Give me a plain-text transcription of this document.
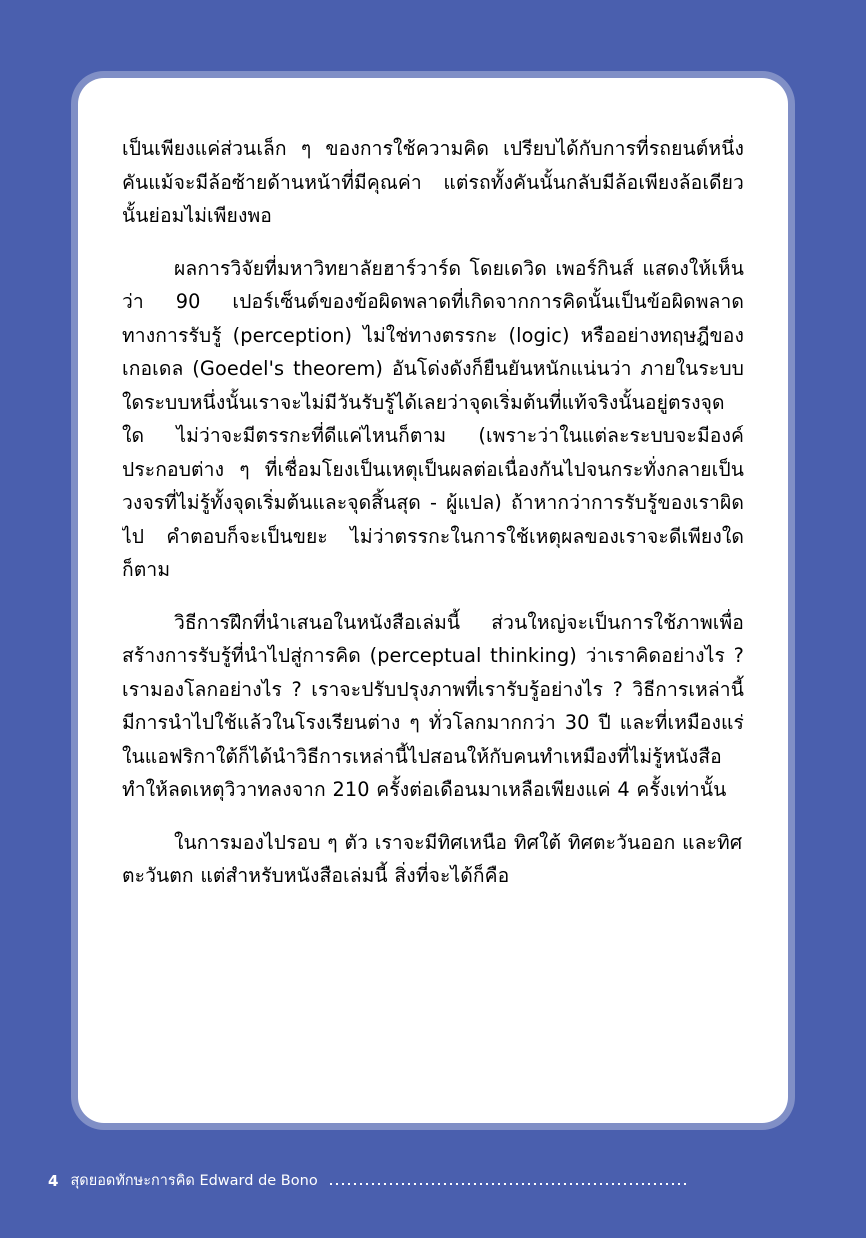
เป็นเพียงแค่ส่วนเล็ก ๆ ของการใช้ความคิด เปรียบได้กับการที่รถยนต์หนึ่งคันแม้จะมีล้อซ้ายด้านหน้าที่มีคุณค่า แต่รถทั้งคันนั้นกลับมีล้อเพียงล้อเดียวนั้นย่อมไม่เพียงพอ

ผลการวิจัยที่มหาวิทยาลัยฮาร์วาร์ด โดยเดวิด เพอร์กินส์ แสดงให้เห็นว่า 90 เปอร์เซ็นต์ของข้อผิดพลาดที่เกิดจากการคิดนั้นเป็นข้อผิดพลาดทางการรับรู้ (perception) ไม่ใช่ทางตรรกะ (logic) หรืออย่างทฤษฎีของเกอเดล (Goedel's theorem) อันโด่งดังก็ยืนยันหนักแน่นว่า ภายในระบบใดระบบหนึ่งนั้นเราจะไม่มีวันรับรู้ได้เลยว่าจุดเริ่มต้นที่แท้จริงนั้นอยู่ตรงจุดใด ไม่ว่าจะมีตรรกะที่ดีแค่ไหนก็ตาม (เพราะว่าในแต่ละระบบจะมีองค์ประกอบต่าง ๆ ที่เชื่อมโยงเป็นเหตุเป็นผลต่อเนื่องกันไปจนกระทั่งกลายเป็นวงจรที่ไม่รู้ทั้งจุดเริ่มต้นและจุดสิ้นสุด - ผู้แปล) ถ้าหากว่าการรับรู้ของเราผิดไป คำตอบก็จะเป็นขยะ ไม่ว่าตรรกะในการใช้เหตุผลของเราจะดีเพียงใดก็ตาม

วิธีการฝึกที่นำเสนอในหนังสือเล่มนี้ ส่วนใหญ่จะเป็นการใช้ภาพเพื่อสร้างการรับรู้ที่นำไปสู่การคิด (perceptual thinking) ว่าเราคิดอย่างไร ? เรามองโลกอย่างไร ? เราจะปรับปรุงภาพที่เรารับรู้อย่างไร ? วิธีการเหล่านี้มีการนำไปใช้แล้วในโรงเรียนต่าง ๆ ทั่วโลกมากกว่า 30 ปี และที่เหมืองแร่ในแอฟริกาใต้ก็ได้นำวิธีการเหล่านี้ไปสอนให้กับคนทำเหมืองที่ไม่รู้หนังสือ ทำให้ลดเหตุวิวาทลงจาก 210 ครั้งต่อเดือนมาเหลือเพียงแค่ 4 ครั้งเท่านั้น

ในการมองไปรอบ ๆ ตัว เราจะมีทิศเหนือ ทิศใต้ ทิศตะวันออก และทิศตะวันตก แต่สำหรับหนังสือเล่มนี้ สิ่งที่จะได้ก็คือ

4 สุดยอดทักษะการคิด Edward de Bono
